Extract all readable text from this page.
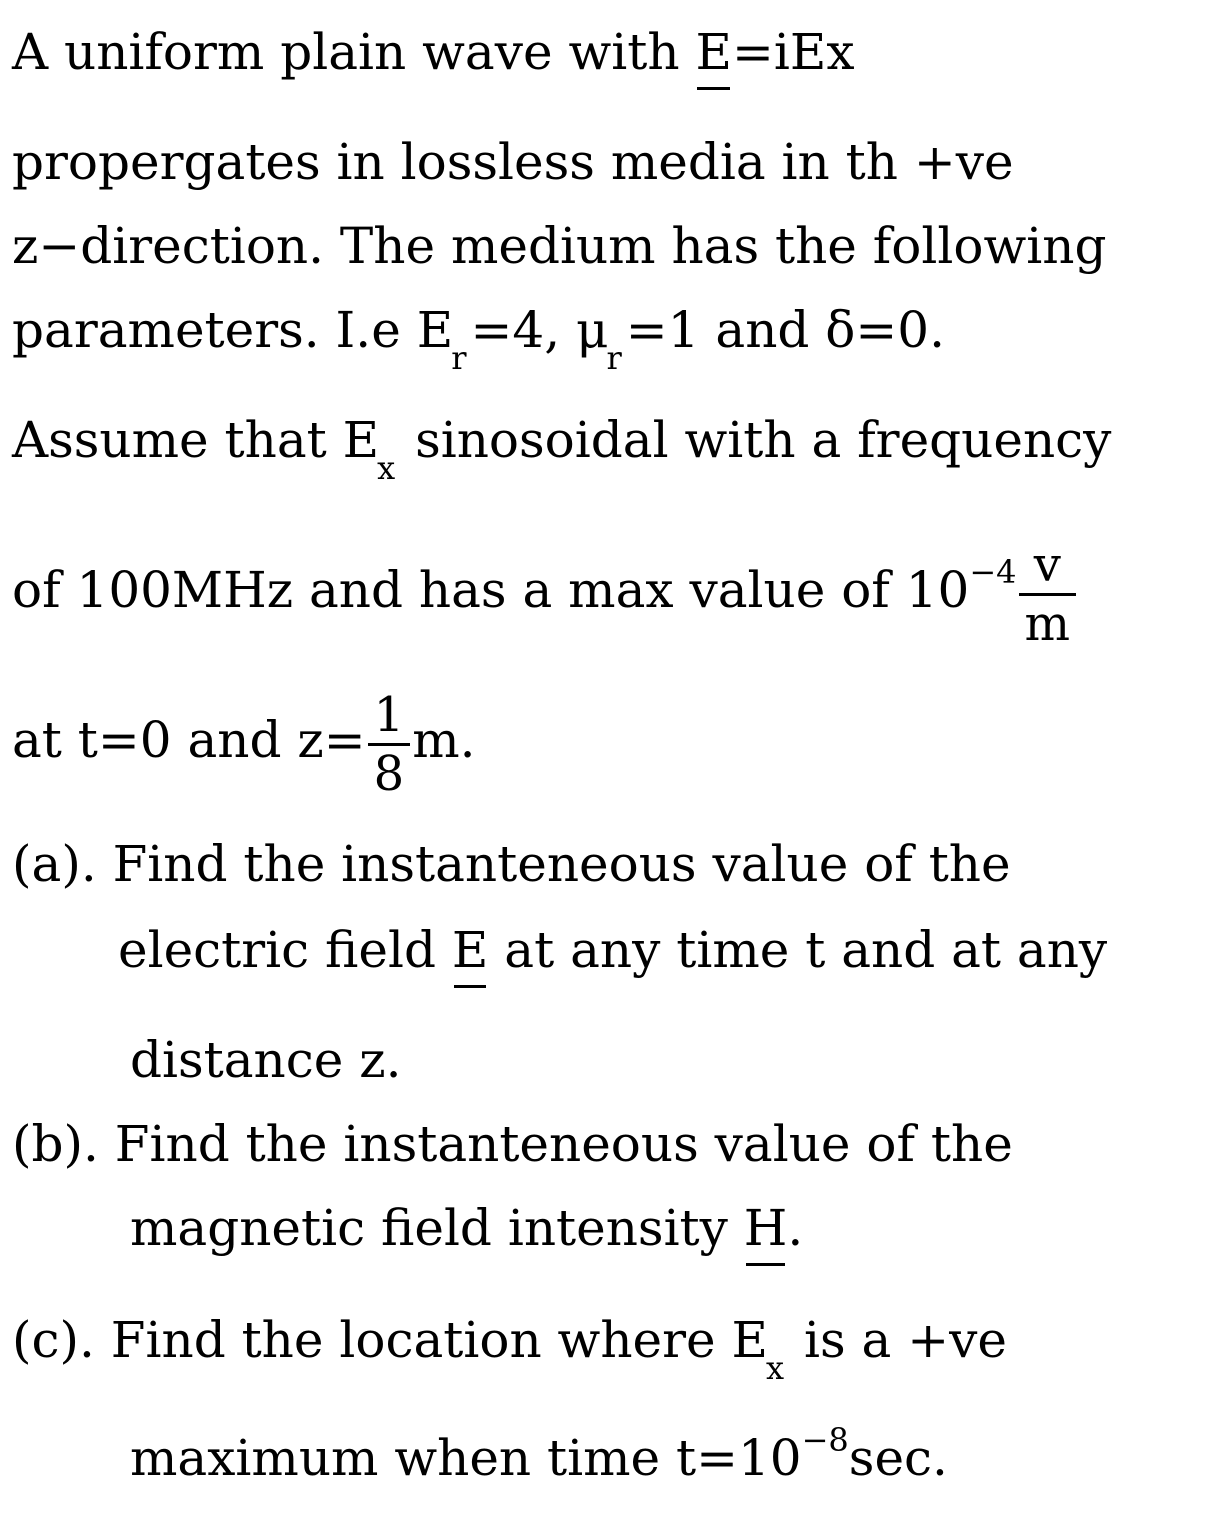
A uniform plain wave with E=iEx
propergates in lossless media in th +ve
z−direction. The medium has the following
parameters. I.e $E_r=4$, $\mu_r=1$ and δ=0.
Assume that $E_x$ sinosoidal with a frequency
of 100MHz and has a max value of $10^{-4} \frac{v}{m}$
at t=0 and $z= \frac{1}{8} m$.
(a). Find the instanteneous value of the
electric field E at any time t and at any
distance z.
(b). Find the instanteneous value of the
magnetic field intensity H.
(c). Find the location where $E_x$ is a +ve
maximum when time $t=10^{-8}\sec$.
